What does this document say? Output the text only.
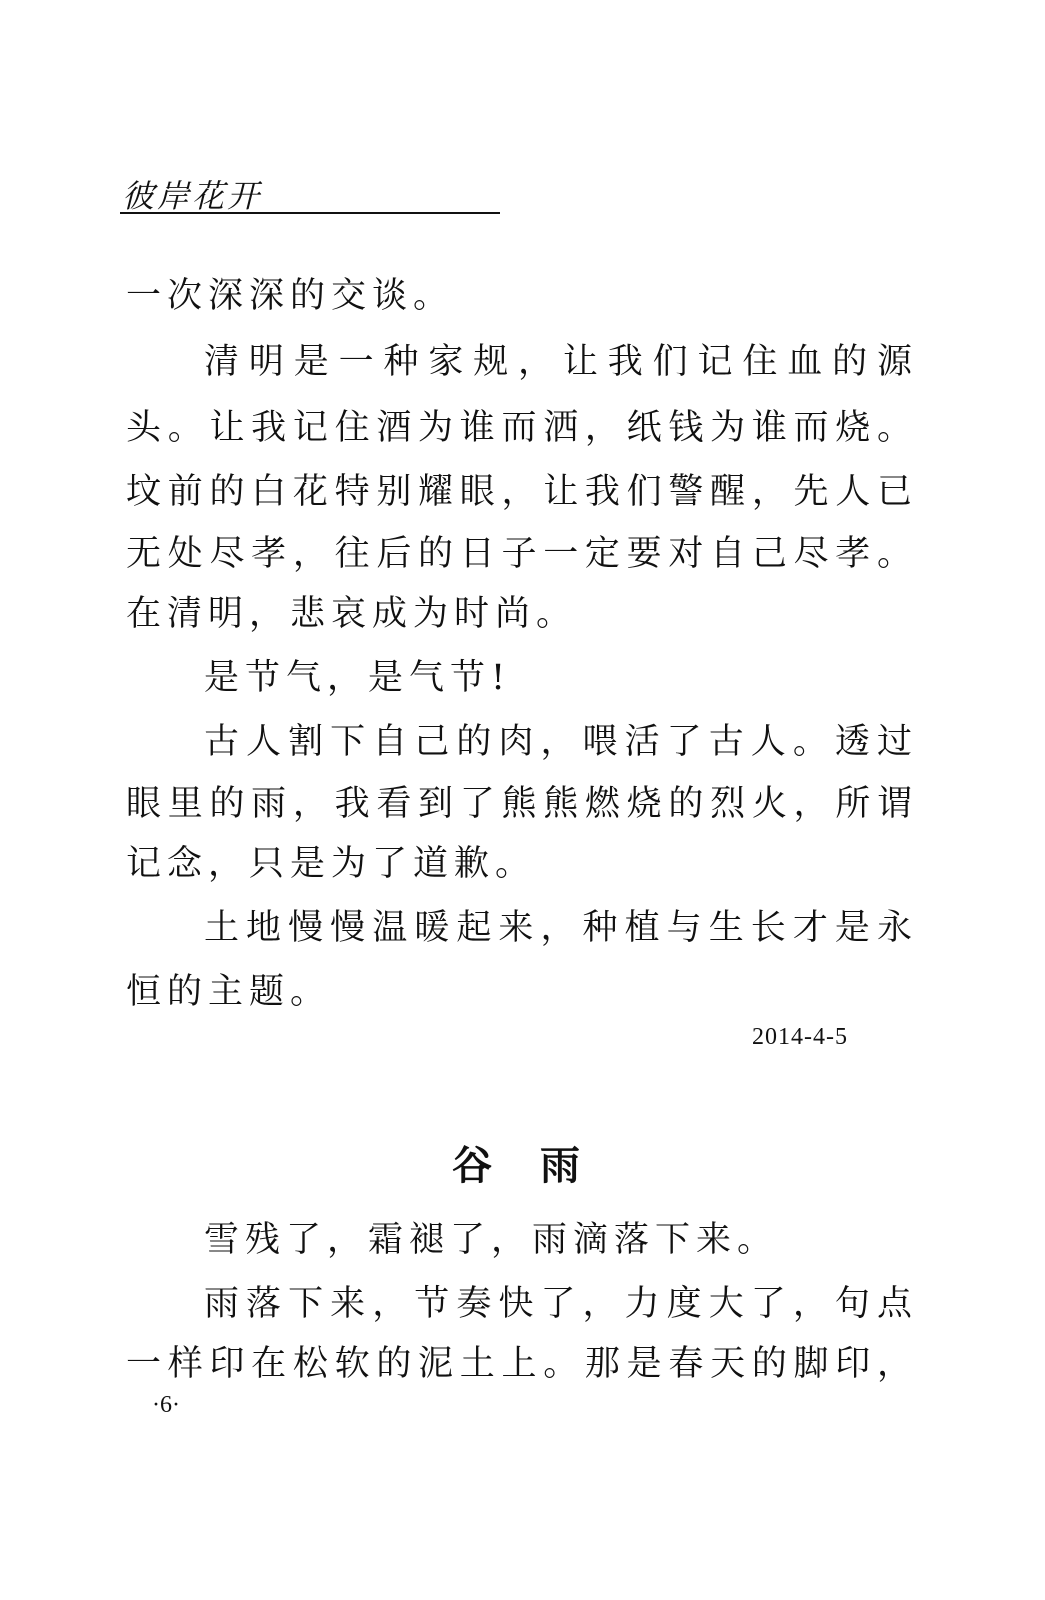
彼岸花开
一次深深的交谈。
清明是一种家规，让我们记住血的源
头。让我记住酒为谁而洒，纸钱为谁而烧。
坟前的白花特别耀眼，让我们警醒，先人已
无处尽孝，往后的日子一定要对自己尽孝。
在清明，悲哀成为时尚。
是节气，是气节!
古人割下自己的肉，喂活了古人。透过
眼里的雨，我看到了熊熊燃烧的烈火，所谓
记念，只是为了道歉。
土地慢慢温暖起来，种植与生长才是永
恒的主题。
2014-4-5
谷雨
雪残了，霜褪了，雨滴落下来。
雨落下来，节奏快了，力度大了，句点
一样印在松软的泥土上。那是春天的脚印，
·6·
